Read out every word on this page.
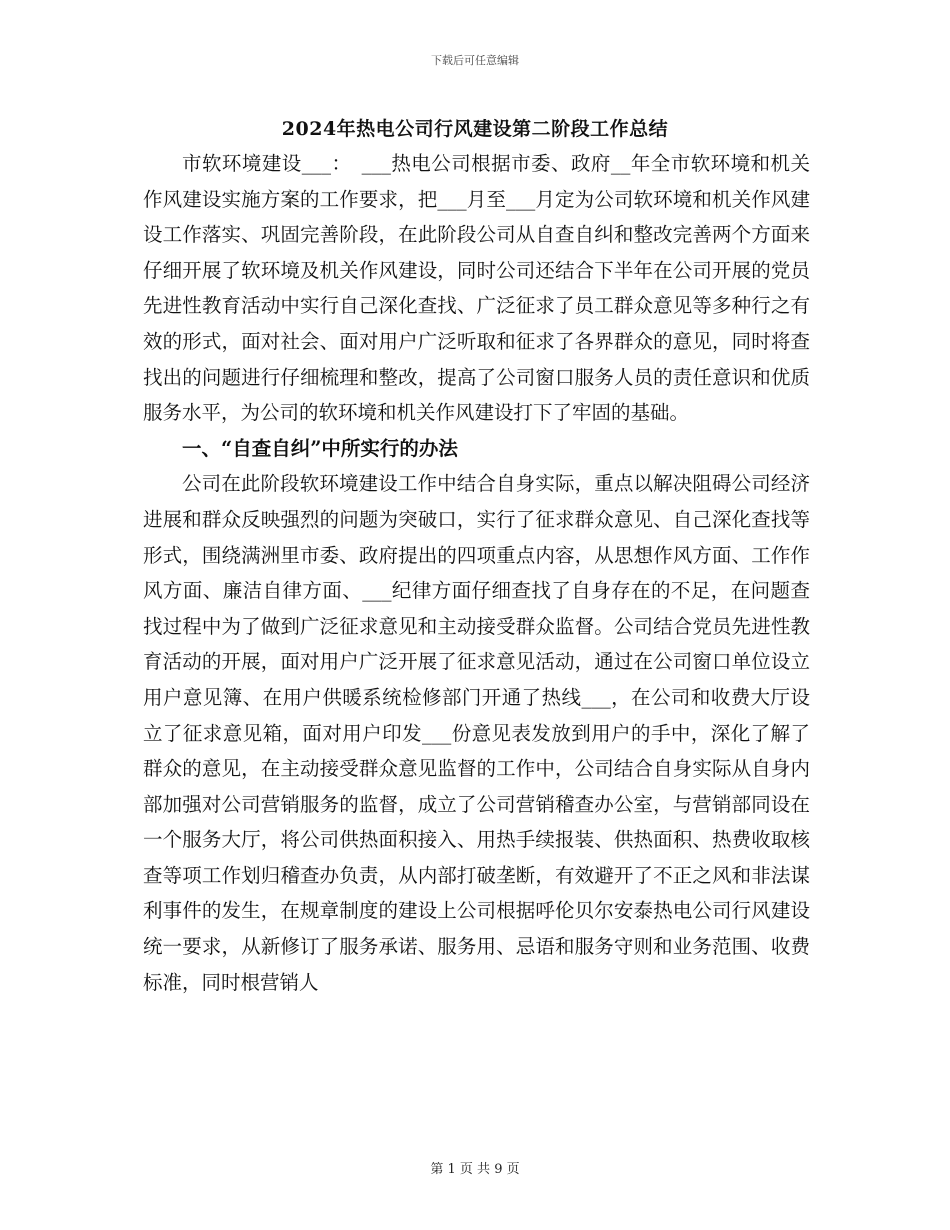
下载后可任意编辑
2024年热电公司行风建设第二阶段工作总结

市软环境建设___：　___热电公司根据市委、政府__年全市软环境和机关作风建设实施方案的工作要求，把___月至___月定为公司软环境和机关作风建设工作落实、巩固完善阶段，在此阶段公司从自查自纠和整改完善两个方面来仔细开展了软环境及机关作风建设，同时公司还结合下半年在公司开展的党员先进性教育活动中实行自己深化查找、广泛征求了员工群众意见等多种行之有效的形式，面对社会、面对用户广泛听取和征求了各界群众的意见，同时将查找出的问题进行仔细梳理和整改，提高了公司窗口服务人员的责任意识和优质服务水平，为公司的软环境和机关作风建设打下了牢固的基础。

一、“自查自纠”中所实行的办法

公司在此阶段软环境建设工作中结合自身实际，重点以解决阻碍公司经济进展和群众反映强烈的问题为突破口，实行了征求群众意见、自己深化查找等形式，围绕满洲里市委、政府提出的四项重点内容，从思想作风方面、工作作风方面、廉洁自律方面、___纪律方面仔细查找了自身存在的不足，在问题查找过程中为了做到广泛征求意见和主动接受群众监督。公司结合党员先进性教育活动的开展，面对用户广泛开展了征求意见活动，通过在公司窗口单位设立用户意见簿、在用户供暖系统检修部门开通了热线___，在公司和收费大厅设立了征求意见箱，面对用户印发___份意见表发放到用户的手中，深化了解了群众的意见，在主动接受群众意见监督的工作中，公司结合自身实际从自身内部加强对公司营销服务的监督，成立了公司营销稽查办公室，与营销部同设在一个服务大厅，将公司供热面积接入、用热手续报装、供热面积、热费收取核查等项工作划归稽查办负责，从内部打破垄断，有效避开了不正之风和非法谋利事件的发生，在规章制度的建设上公司根据呼伦贝尔安泰热电公司行风建设统一要求，从新修订了服务承诺、服务用、忌语和服务守则和业务范围、收费标准，同时根营销人

第 1 页 共 9 页
